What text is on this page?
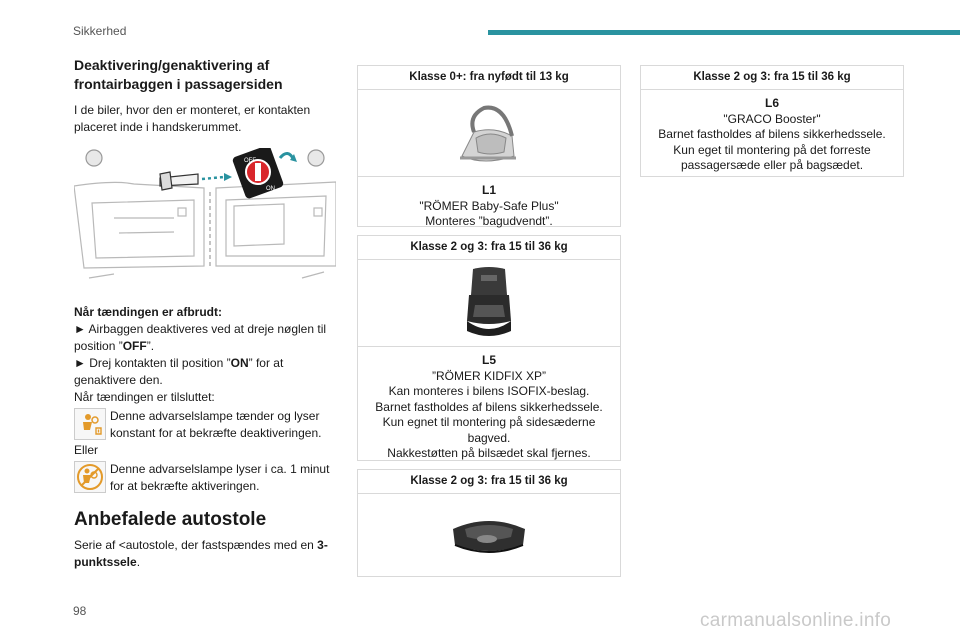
Sikkerhed
Deaktivering/genaktivering af frontairbaggen i passagersiden

I de biler, hvor den er monteret, er kontakten placeret inde i handskerummet.

OFF
ON

Når tændingen er afbrudt:

► Airbaggen deaktiveres ved at dreje nøglen til position ”OFF”.

► Drej kontakten til position ”ON” for at genaktivere den.

Når tændingen er tilsluttet:

Denne advarselslampe tænder og lyser konstant for at bekræfte deaktiveringen.

Eller

Denne advarselslampe lyser i ca. 1 minut for at bekræfte aktiveringen.

Anbefalede autostole

Serie af <autostole, der fastspændes med en 3-punktssele.

Klasse 0+: fra nyfødt til 13 kg
L1
"RÖMER Baby-Safe Plus"
Monteres ”bagudvendt”.
Klasse 2 og 3: fra 15 til 36 kg
L5
”RÖMER KIDFIX XP”
Kan monteres i bilens ISOFIX-beslag.
Barnet fastholdes af bilens sikkerhedssele.
Kun egnet til montering på sidesæderne bagved.
Nakkestøtten på bilsædet skal fjernes.
Klasse 2 og 3: fra 15 til 36 kg
Klasse 2 og 3: fra 15 til 36 kg
L6
"GRACO Booster"
Barnet fastholdes af bilens sikkerhedssele.
Kun eget til montering på det forreste passagersæde eller på bagsædet.
98	carmanualsonline.info
